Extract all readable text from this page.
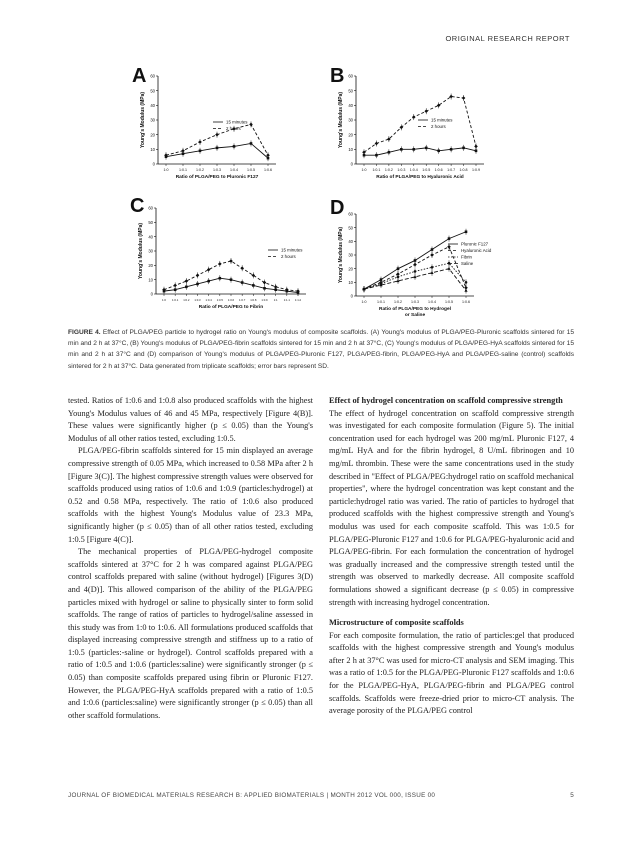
ORIGINAL RESEARCH REPORT
A
0
10
20
30
40
50
60
Young's Modulus (MPa)
1:0	1:0.1	1:0.2	1:0.3	1:0.4	1:0.5	1:0.6
Ratio of PLGA/PEG to Pluronic F127
15 minutes
2 hours
B
0
10
20
30
40
50
60
Young's Modulus (MPa)
1:0 1:0.1 1:0.2 1:0.3 1:0.4 1:0.5 1:0.6 1:0.7 1:0.8 1:0.9
Ratio of PLGA/PEG to Hyaluronic Acid
15 minutes
2 hours
C
0
10
20
30
40
50
60
Young's Modulus (MPa)
1:0 1:0.1 1:0.2 1:0.3 1:0.4 1:0.5 1:0.6 1:0.7 1:0.8 1:0.9 1:1 1:1.1 1:1.2
Ratio of PLGA/PEG to Fibrin
15 minutes
2 hours
D
0
10
20
30
40
50
60
Young's Modulus (MPa)
1:0	1:0.1	1:0.2	1:0.3	1:0.4	1:0.5	1:0.6
Ratio of PLGA/PEG to Hydrogel
or Saline
Pluronic F127
Hyaluronic Acid
Fibrin
Saline
FIGURE 4. Effect of PLGA/PEG particle to hydrogel ratio on Young's modulus of composite scaffolds. (A) Young's modulus of PLGA/PEG-Pluronic scaffolds sintered for 15 min and 2 h at 37°C, (B) Young's modulus of PLGA/PEG-fibrin scaffolds sintered for 15 min and 2 h at 37°C, (C) Young's modulus of PLGA/PEG-HyA scaffolds sintered for 15 min and 2 h at 37°C and (D) comparison of Young's modulus of PLGA/PEG-Pluronic F127, PLGA/PEG-fibrin, PLGA/PEG-HyA and PLGA/PEG-saline (control) scaffolds sintered for 2 h at 37°C. Data generated from triplicate scaffolds; error bars represent SD.

tested. Ratios of 1:0.6 and 1:0.8 also produced scaffolds with the highest Young's Modulus values of 46 and 45 MPa, respectively [Figure 4(B)]. These values were significantly higher (p ≤ 0.05) than the Young's Modulus of all other ratios tested, excluding 1:0.5.

PLGA/PEG-fibrin scaffolds sintered for 15 min displayed an average compressive strength of 0.05 MPa, which increased to 0.58 MPa after 2 h [Figure 3(C)]. The highest compressive strength values were observed for scaffolds produced using ratios of 1:0.6 and 1:0.9 (particles:hydrogel) at 0.52 and 0.58 MPa, respectively. The ratio of 1:0.6 also produced scaffolds with the highest Young's Modulus value of 23.3 MPa, significantly higher (p ≤ 0.05) than of all other ratios tested, excluding 1:0.5 [Figure 4(C)].

The mechanical properties of PLGA/PEG-hydrogel composite scaffolds sintered at 37°C for 2 h was compared against PLGA/PEG control scaffolds prepared with saline (without hydrogel) [Figures 3(D) and 4(D)]. This allowed comparison of the ability of the PLGA/PEG particles mixed with hydrogel or saline to physically sinter to form solid scaffolds. The range of ratios of particles to hydrogel/saline assessed in this study was from 1:0 to 1:0.6. All formulations produced scaffolds that displayed increasing compressive strength and stiffness up to a ratio of 1:0.5 (particles:-saline or hydrogel). Control scaffolds prepared with a ratio of 1:0.5 and 1:0.6 (particles:saline) were significantly stronger (p ≤ 0.05) than composite scaffolds prepared using fibrin or Pluronic F127. However, the PLGA/PEG-HyA scaffolds prepared with a ratio of 1:0.5 and 1:0.6 (particles:saline) were significantly stronger (p ≤ 0.05) than all other scaffold formulations.

Effect of hydrogel concentration on scaffold compressive strength

The effect of hydrogel concentration on scaffold compressive strength was investigated for each composite formulation (Figure 5). The initial concentration used for each hydrogel was 200 mg/mL Pluronic F127, 4 mg/mL HyA and for the fibrin hydrogel, 8 U/mL fibrinogen and 10 mg/mL thrombin. These were the same concentrations used in the study described in "Effect of PLGA/PEG:hydrogel ratio on scaffold mechanical properties", where the hydrogel concentration was kept constant and the particle:hydrogel ratio was varied. The ratio of particles to hydrogel that produced scaffolds with the highest compressive strength and Young's modulus was used for each composite scaffold. This was 1:0.5 for PLGA/PEG-Pluronic F127 and 1:0.6 for PLGA/PEG-hyaluronic acid and PLGA/PEG-fibrin. For each formulation the concentration of hydrogel was gradually increased and the compressive strength tested until the strength was observed to markedly decrease. All composite scaffold formulations showed a significant decrease (p ≤ 0.05) in compressive strength with increasing hydrogel concentration.

Microstructure of composite scaffolds

For each composite formulation, the ratio of particles:gel that produced scaffolds with the highest compressive strength and Young's modulus after 2 h at 37°C was used for micro-CT analysis and SEM imaging. This was a ratio of 1:0.5 for the PLGA/PEG-Pluronic F127 scaffolds and 1:0.6 for the PLGA/PEG-HyA, PLGA/PEG-fibrin and PLGA/PEG control scaffolds. Scaffolds were freeze-dried prior to micro-CT analysis. The average porosity of the PLGA/PEG control

JOURNAL OF BIOMEDICAL MATERIALS RESEARCH B: APPLIED BIOMATERIALS | MONTH 2012 VOL 000, ISSUE 00	5
